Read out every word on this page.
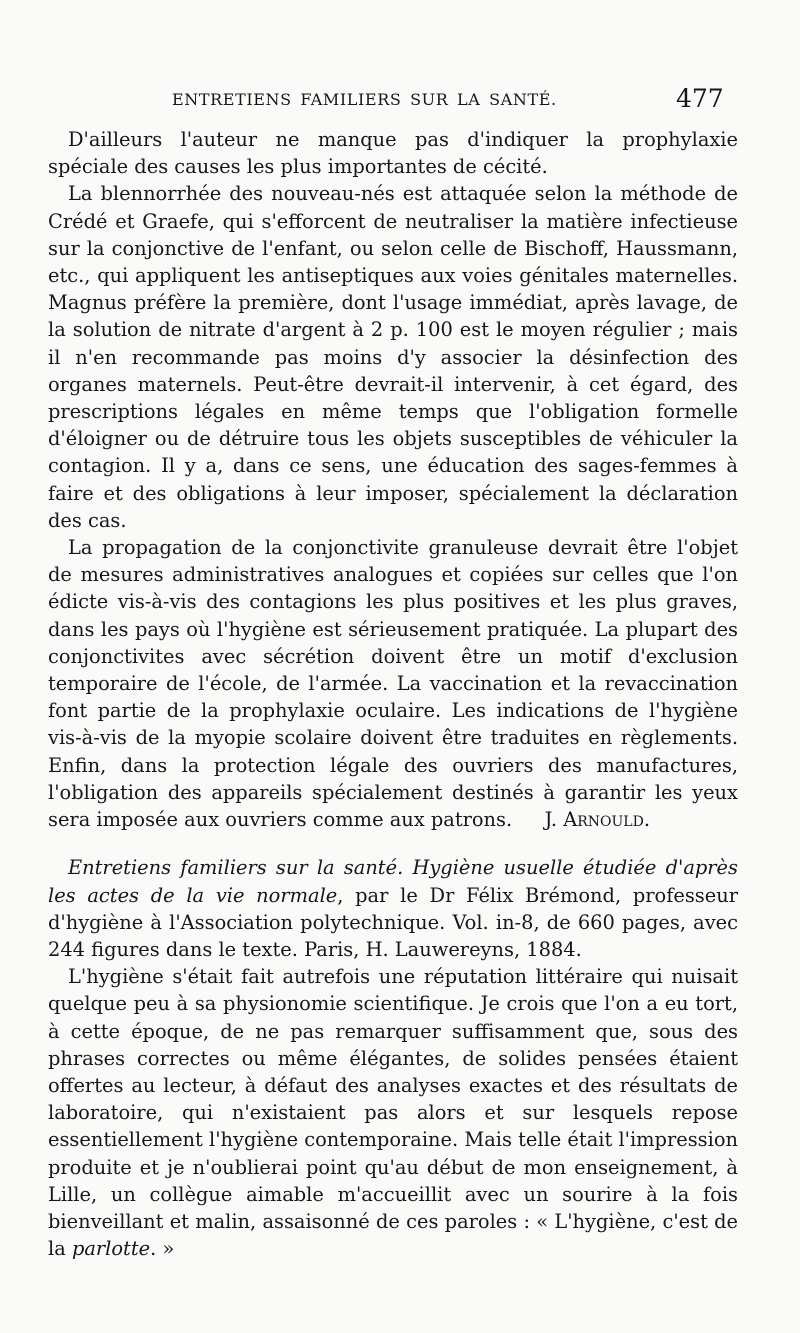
ENTRETIENS FAMILIERS SUR LA SANTÉ.	477

D'ailleurs l'auteur ne manque pas d'indiquer la prophylaxie spéciale des causes les plus importantes de cécité.

La blennorrhée des nouveau-nés est attaquée selon la méthode de Crédé et Graefe, qui s'efforcent de neutraliser la matière infectieuse sur la conjonctive de l'enfant, ou selon celle de Bischoff, Haussmann, etc., qui appliquent les antiseptiques aux voies génitales maternelles. Magnus préfère la première, dont l'usage immédiat, après lavage, de la solution de nitrate d'argent à 2 p. 100 est le moyen régulier ; mais il n'en recommande pas moins d'y associer la désinfection des organes maternels. Peut-être devrait-il intervenir, à cet égard, des prescriptions légales en même temps que l'obligation formelle d'éloigner ou de détruire tous les objets susceptibles de véhiculer la contagion. Il y a, dans ce sens, une éducation des sages-femmes à faire et des obligations à leur imposer, spécialement la déclaration des cas.

La propagation de la conjonctivite granuleuse devrait être l'objet de mesures administratives analogues et copiées sur celles que l'on édicte vis-à-vis des contagions les plus positives et les plus graves, dans les pays où l'hygiène est sérieusement pratiquée. La plupart des conjonctivites avec sécrétion doivent être un motif d'exclusion temporaire de l'école, de l'armée. La vaccination et la revaccination font partie de la prophylaxie oculaire. Les indications de l'hygiène vis-à-vis de la myopie scolaire doivent être traduites en règlements. Enfin, dans la protection légale des ouvriers des manufactures, l'obligation des appareils spécialement destinés à garantir les yeux sera imposée aux ouvriers comme aux patrons.	J. Arnould.

Entretiens familiers sur la santé. Hygiène usuelle étudiée d'après les actes de la vie normale, par le Dr Félix Brémond, professeur d'hygiène à l'Association polytechnique. Vol. in-8, de 660 pages, avec 244 figures dans le texte. Paris, H. Lauwereyns, 1884.

L'hygiène s'était fait autrefois une réputation littéraire qui nuisait quelque peu à sa physionomie scientifique. Je crois que l'on a eu tort, à cette époque, de ne pas remarquer suffisamment que, sous des phrases correctes ou même élégantes, de solides pensées étaient offertes au lecteur, à défaut des analyses exactes et des résultats de laboratoire, qui n'existaient pas alors et sur lesquels repose essentiellement l'hygiène contemporaine. Mais telle était l'impression produite et je n'oublierai point qu'au début de mon enseignement, à Lille, un collègue aimable m'accueillit avec un sourire à la fois bienveillant et malin, assaisonné de ces paroles : « L'hygiène, c'est de la parlotte. »
